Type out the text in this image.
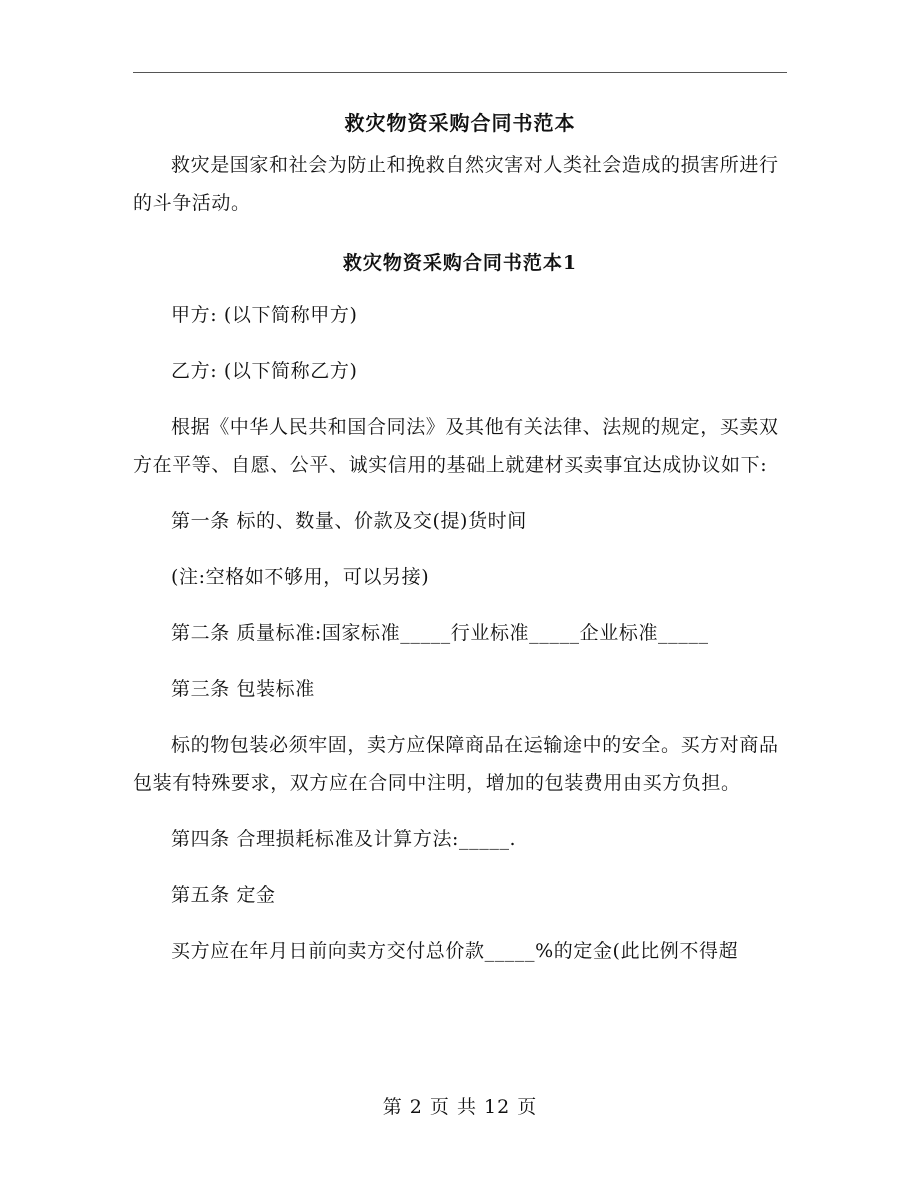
救灾物资采购合同书范本

救灾是国家和社会为防止和挽救自然灾害对人类社会造成的损害所进行的斗争活动。

救灾物资采购合同书范本1

甲方: (以下简称甲方)

乙方: (以下简称乙方)

根据《中华人民共和国合同法》及其他有关法律、法规的规定，买卖双方在平等、自愿、公平、诚实信用的基础上就建材买卖事宜达成协议如下:

第一条 标的、数量、价款及交(提)货时间

(注:空格如不够用，可以另接)

第二条 质量标准:国家标准_____行业标准_____企业标准_____

第三条 包装标准

标的物包装必须牢固，卖方应保障商品在运输途中的安全。买方对商品包装有特殊要求，双方应在合同中注明，增加的包装费用由买方负担。

第四条 合理损耗标准及计算方法:_____.

第五条 定金

买方应在年月日前向卖方交付总价款_____%的定金(此比例不得超

第 2 页 共 12 页
